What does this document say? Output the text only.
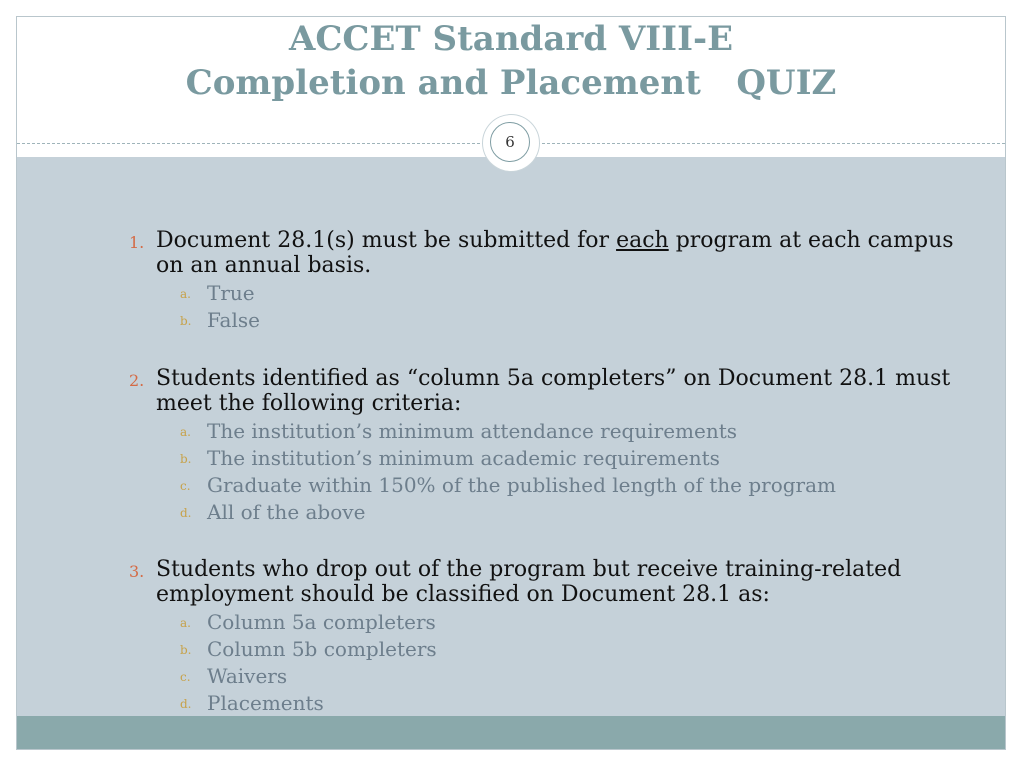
ACCET Standard VIII-E
Completion and Placement   QUIZ
6
1. Document 28.1(s) must be submitted for each program at each campus on an annual basis.
a. True
b. False
2. Students identified as “column 5a completers” on Document 28.1 must meet the following criteria:
a. The institution’s minimum attendance requirements
b. The institution’s minimum academic requirements
c. Graduate within 150% of the published length of the program
d. All of the above
3. Students who drop out of the program but receive training-related employment should be classified on Document 28.1 as:
a. Column 5a completers
b. Column 5b completers
c. Waivers
d. Placements
